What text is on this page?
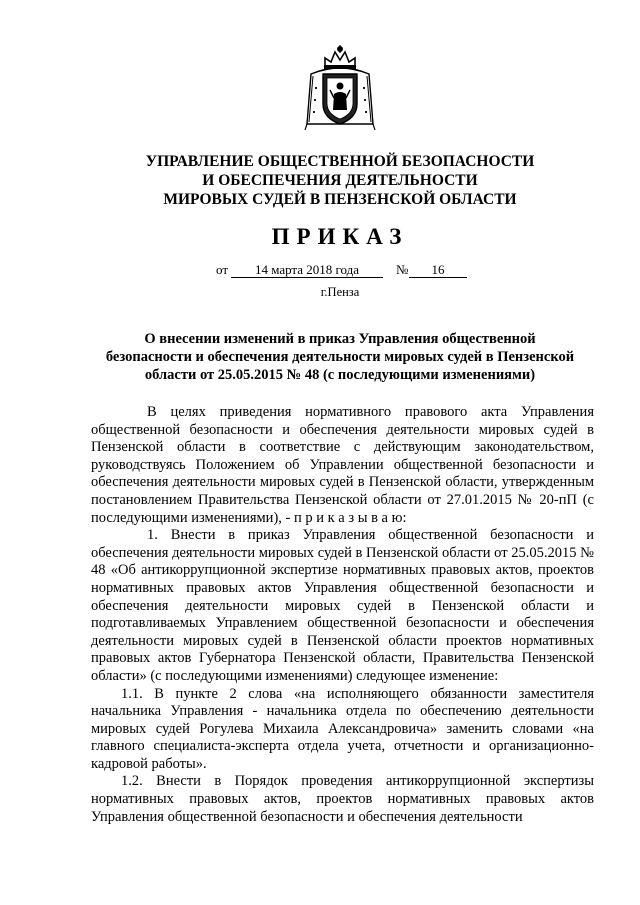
УПРАВЛЕНИЕ ОБЩЕСТВЕННОЙ БЕЗОПАСНОСТИ
И ОБЕСПЕЧЕНИЯ ДЕЯТЕЛЬНОСТИ
МИРОВЫХ СУДЕЙ В ПЕНЗЕНСКОЙ ОБЛАСТИ
ПРИКАЗ
от	14 марта 2018 года	№	16
г.Пенза
О внесении изменений в приказ Управления общественной
безопасности и обеспечения деятельности мировых судей в Пензенской
области от 25.05.2015 № 48 (с последующими изменениями)

В целях приведения нормативного правового акта Управления общественной безопасности и обеспечения деятельности мировых судей в Пензенской области в соответствие с действующим законодательством, руководствуясь Положением об Управлении общественной безопасности и обеспечения деятельности мировых судей в Пензенской области, утвержденным постановлением Правительства Пензенской области от 27.01.2015 № 20-пП (с последующими изменениями), - п р и к а з ы в а ю:

1. Внести в приказ Управления общественной безопасности и обеспечения деятельности мировых судей в Пензенской области от 25.05.2015 № 48 «Об антикоррупционной экспертизе нормативных правовых актов, проектов нормативных правовых актов Управления общественной безопасности и обеспечения деятельности мировых судей в Пензенской области и подготавливаемых Управлением общественной безопасности и обеспечения деятельности мировых судей в Пензенской области проектов нормативных правовых актов Губернатора Пензенской области, Правительства Пензенской области» (с последующими изменениями) следующее изменение:

1.1. В пункте 2 слова «на исполняющего обязанности заместителя начальника Управления - начальника отдела по обеспечению деятельности мировых судей Рогулева Михаила Александровича» заменить словами «на главного специалиста-эксперта отдела учета, отчетности и организационно-кадровой работы».

1.2. Внести в Порядок проведения антикоррупционной экспертизы нормативных правовых актов, проектов нормативных правовых актов Управления общественной безопасности и обеспечения деятельности
